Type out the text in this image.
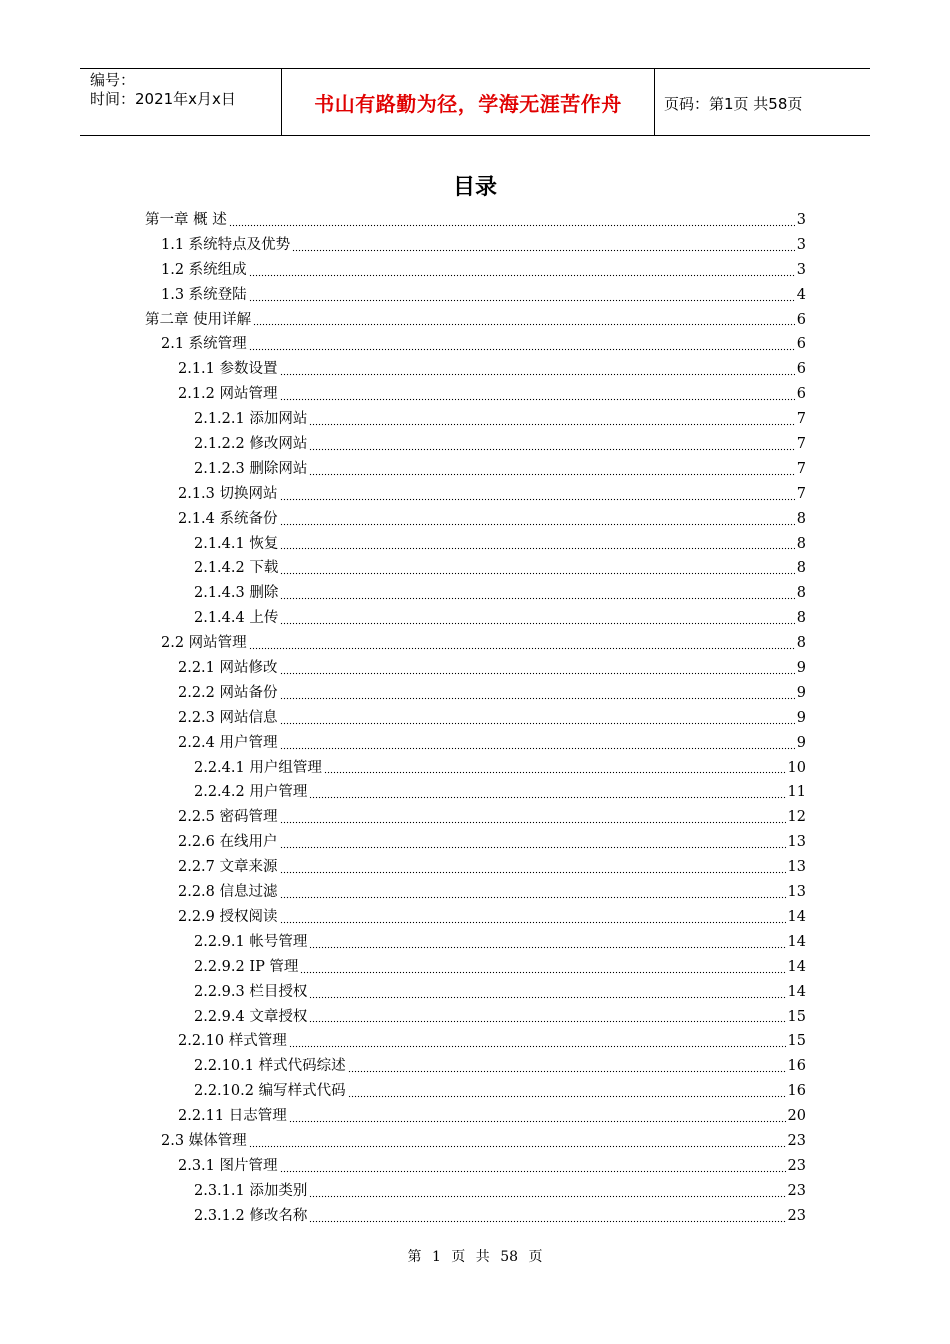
编号：
时间：2021年x月x日	书山有路勤为径，学海无涯苦作舟	页码：第1页 共58页
目录
第一章 概 述	3
1.1 系统特点及优势	3
1.2 系统组成	3
1.3 系统登陆	4
第二章 使用详解	6
2.1 系统管理	6
2.1.1 参数设置	6
2.1.2 网站管理	6
2.1.2.1 添加网站	7
2.1.2.2 修改网站	7
2.1.2.3 删除网站	7
2.1.3 切换网站	7
2.1.4 系统备份	8
2.1.4.1 恢复	8
2.1.4.2 下载	8
2.1.4.3 删除	8
2.1.4.4 上传	8
2.2 网站管理	8
2.2.1 网站修改	9
2.2.2 网站备份	9
2.2.3 网站信息	9
2.2.4 用户管理	9
2.2.4.1 用户组管理	10
2.2.4.2 用户管理	11
2.2.5 密码管理	12
2.2.6 在线用户	13
2.2.7 文章来源	13
2.2.8 信息过滤	13
2.2.9 授权阅读	14
2.2.9.1 帐号管理	14
2.2.9.2 IP 管理	14
2.2.9.3 栏目授权	14
2.2.9.4 文章授权	15
2.2.10 样式管理	15
2.2.10.1 样式代码综述	16
2.2.10.2 编写样式代码	16
2.2.11 日志管理	20
2.3 媒体管理	23
2.3.1 图片管理	23
2.3.1.1 添加类别	23
2.3.1.2 修改名称	23
第 1 页 共 58 页
